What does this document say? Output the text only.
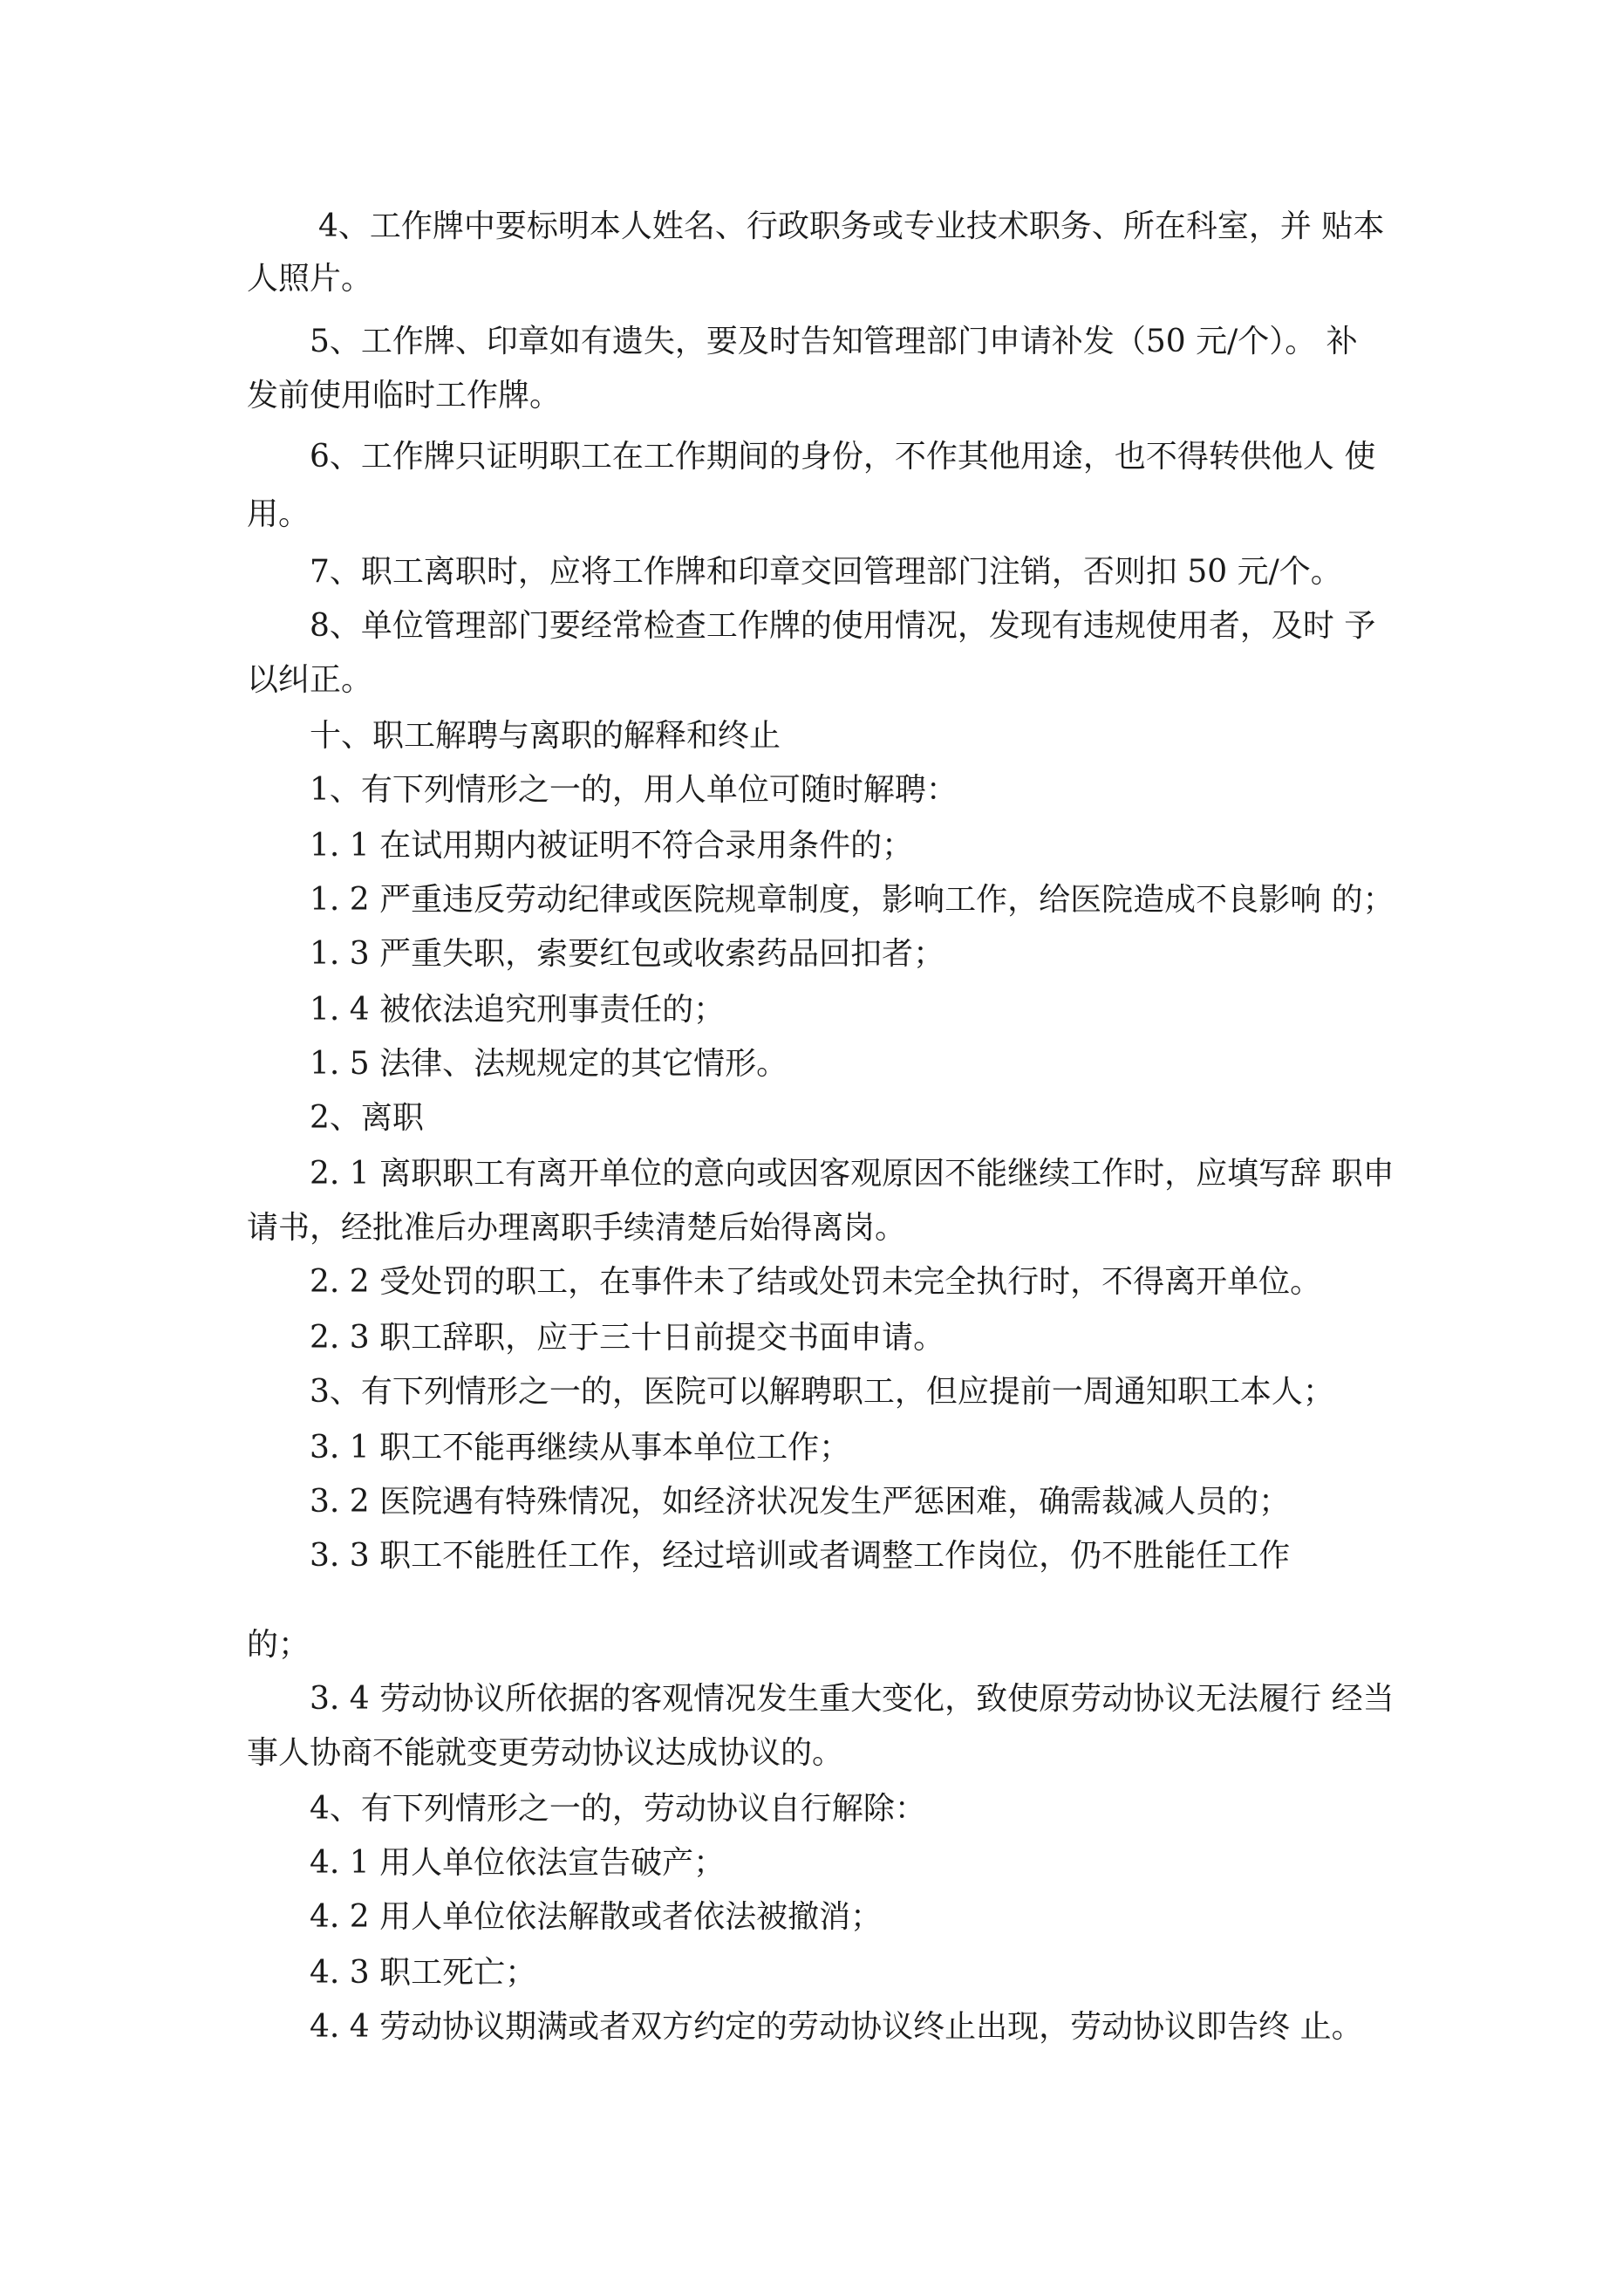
4、工作牌中要标明本人姓名、行政职务或专业技术职务、所在科室，并 贴本
人照片。
5、工作牌、印章如有遗失，要及时告知管理部门申请补发（50 元/个）。 补
发前使用临时工作牌。
6、工作牌只证明职工在工作期间的身份，不作其他用途，也不得转供他人 使
用。
7、职工离职时，应将工作牌和印章交回管理部门注销，否则扣 50 元/个。
8、单位管理部门要经常检查工作牌的使用情况，发现有违规使用者，及时 予
以纠正。
十、职工解聘与离职的解释和终止
1、有下列情形之一的，用人单位可随时解聘：
1. 1 在试用期内被证明不符合录用条件的；
1. 2 严重违反劳动纪律或医院规章制度，影响工作，给医院造成不良影响 的；
1. 3 严重失职，索要红包或收索药品回扣者；
1. 4 被依法追究刑事责任的；
1. 5 法律、法规规定的其它情形。
2、离职
2. 1 离职职工有离开单位的意向或因客观原因不能继续工作时，应填写辞 职申
请书，经批准后办理离职手续清楚后始得离岗。
2. 2 受处罚的职工，在事件未了结或处罚未完全执行时，不得离开单位。
2. 3 职工辞职，应于三十日前提交书面申请。
3、有下列情形之一的，医院可以解聘职工，但应提前一周通知职工本人；
3. 1 职工不能再继续从事本单位工作；
3. 2 医院遇有特殊情况，如经济状况发生严惩困难，确需裁减人员的；
3. 3 职工不能胜任工作，经过培训或者调整工作岗位，仍不胜能任工作
的；
3. 4 劳动协议所依据的客观情况发生重大变化，致使原劳动协议无法履行 经当
事人协商不能就变更劳动协议达成协议的。
4、有下列情形之一的，劳动协议自行解除：
4. 1 用人单位依法宣告破产；
4. 2 用人单位依法解散或者依法被撤消；
4. 3 职工死亡；
4. 4 劳动协议期满或者双方约定的劳动协议终止出现，劳动协议即告终 止。
